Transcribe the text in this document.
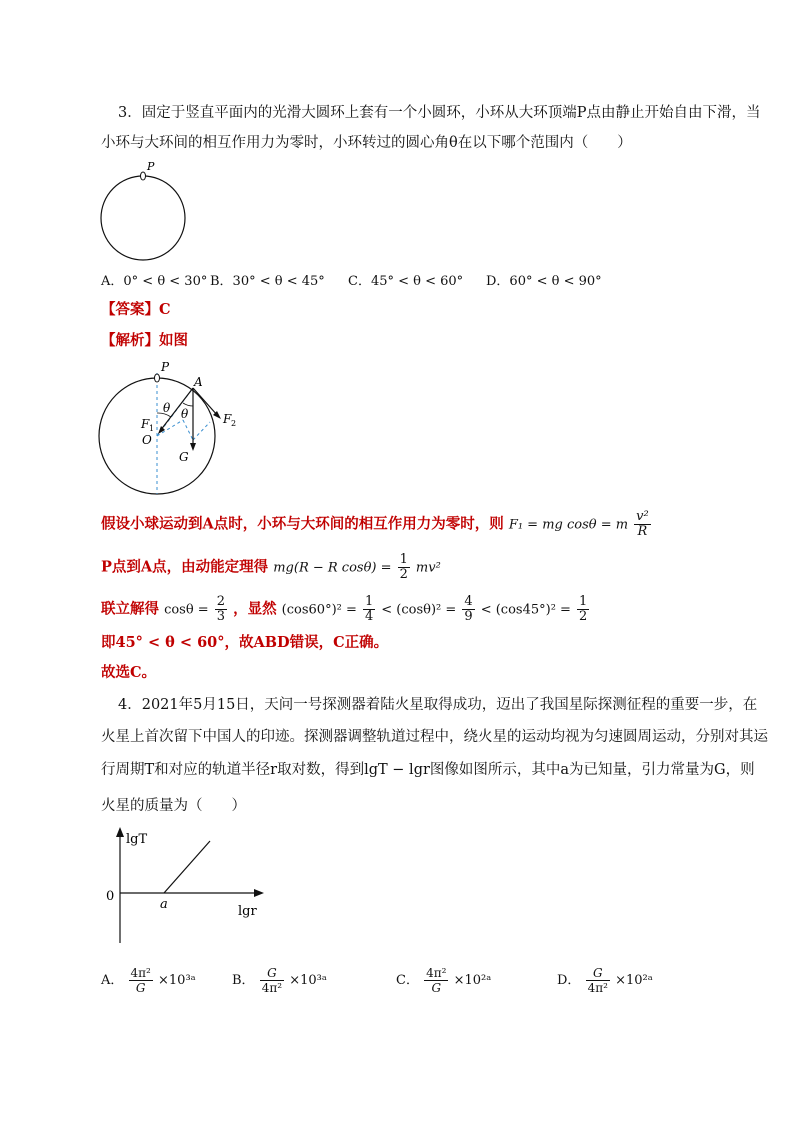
3．固定于竖直平面内的光滑大圆环上套有一个小圆环，小环从大环顶端P点由静止开始自由下滑，当
小环与大环间的相互作用力为零时，小环转过的圆心角θ在以下哪个范围内（　　）
P
A．0° < θ < 30° B．30° < θ < 45° C．45° < θ < 60° D．60° < θ < 90°
【答案】C
【解析】如图
P
A
θ θ
F 1
O
G
F 2
假设小球运动到A点时，小环与大环间的相互作用力为零时，则 F₁ = mg cosθ = m $\frac{\text{v²}}{R}$
P点到A点，由动能定理得 mg(R − R $\cos\theta) = \frac{1}{2} mv^2$
联立解得 $\cos\theta = \frac{2}{3}$ ，显然 $(\cos 60^\circ)^2 = \frac{1}{4} < (\cos\theta)^2 = \frac{4}{9} < (\cos 45^\circ)^2 = \frac{1}{2}$
即45° < θ < 60°，故ABD错误，C正确。
故选C。
4．2021年5月15日，天问一号探测器着陆火星取得成功，迈出了我国星际探测征程的重要一步，在
火星上首次留下中国人的印迹。探测器调整轨道过程中，绕火星的运动均视为匀速圆周运动，分别对其运
行周期T和对应的轨道半径r取对数，得到lgT − lgr图像如图所示，其中a为已知量，引力常量为G，则
火星的质量为（　　）
lgT
lgr
0
a
A． $\frac{\text{4π²}}{G}$ ×10³ᵃ	B． $\frac{G}{\text{4π²}}$ ×10³ᵃ	C． $\frac{\text{4π²}}{G}$ ×10²ᵃ	D． $\frac{G}{\text{4π²}}$ ×10²ᵃ
